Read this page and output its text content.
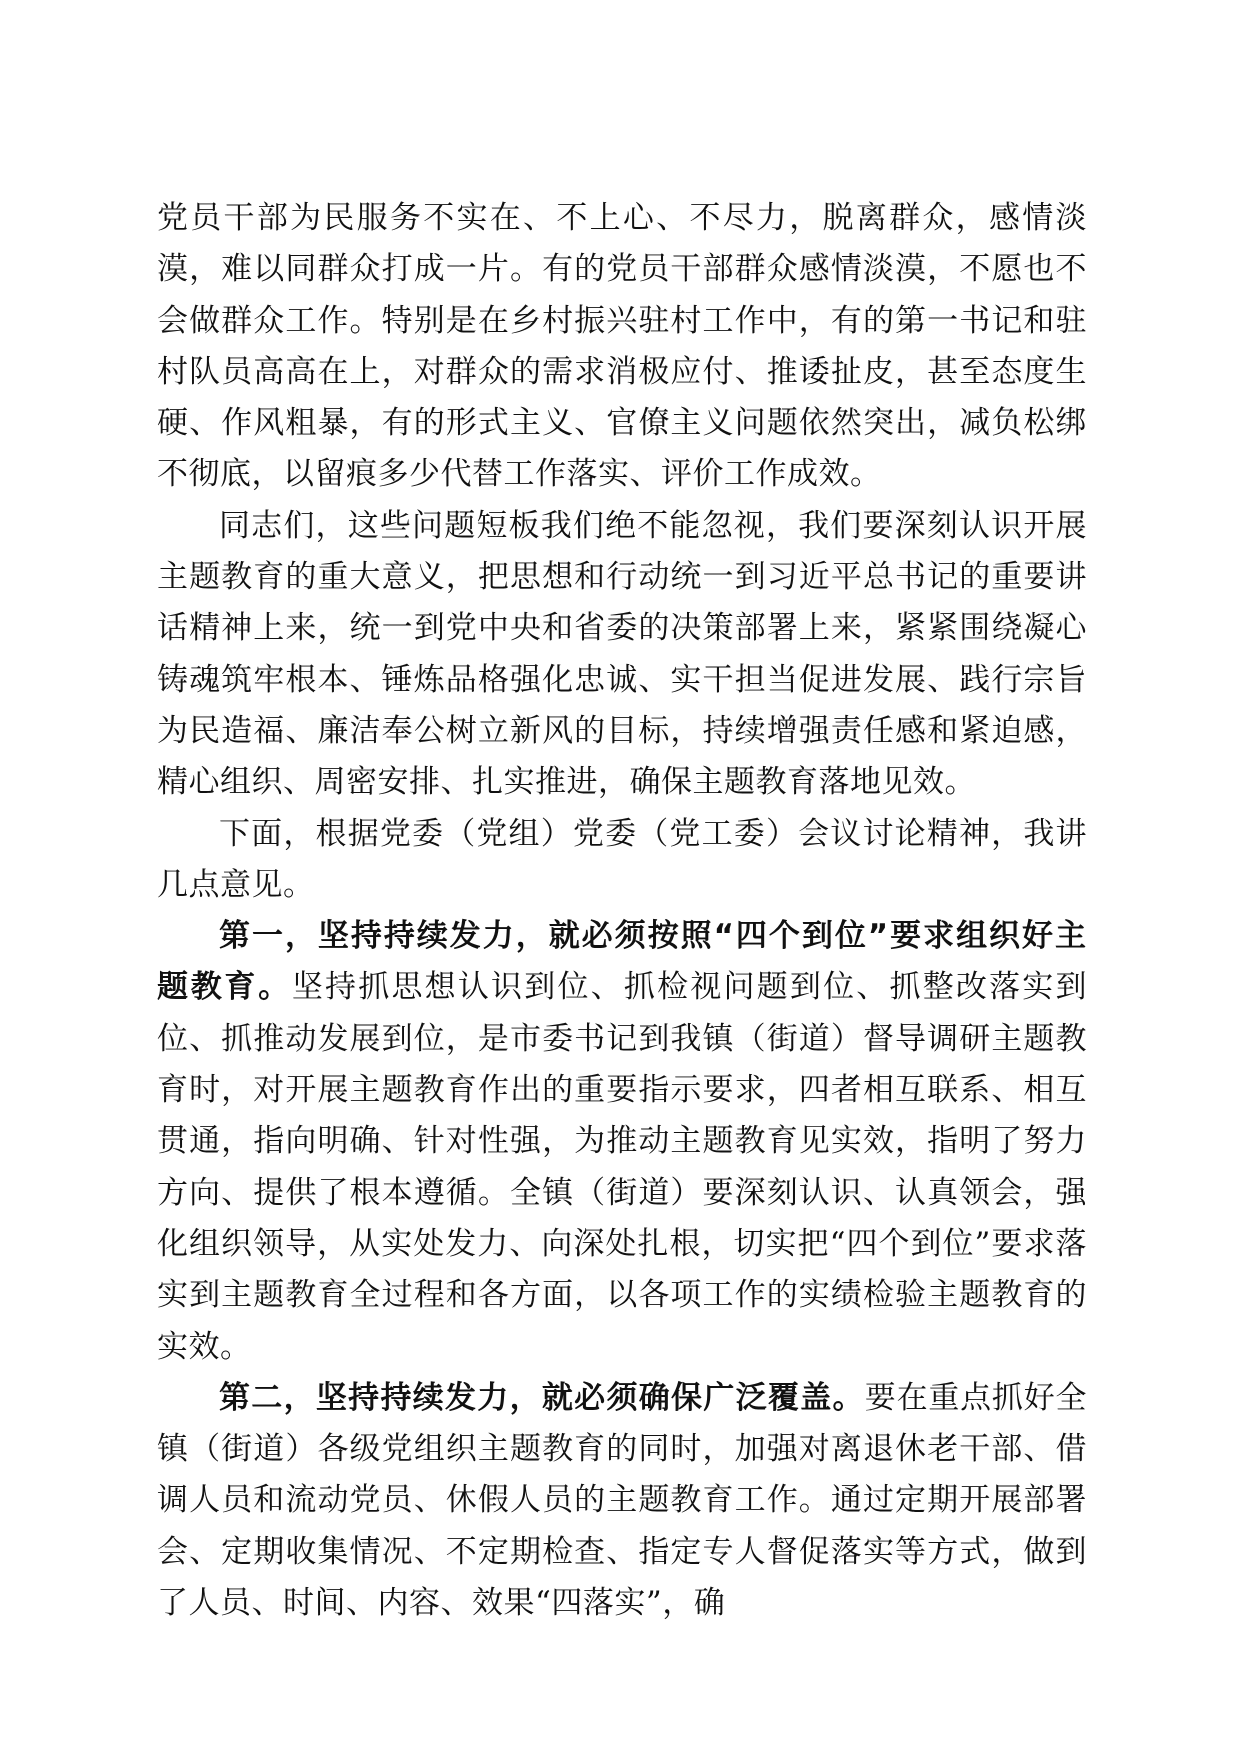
党员干部为民服务不实在、不上心、不尽力，脱离群众，感情淡漠，难以同群众打成一片。有的党员干部群众感情淡漠，不愿也不会做群众工作。特别是在乡村振兴驻村工作中，有的第一书记和驻村队员高高在上，对群众的需求消极应付、推诿扯皮，甚至态度生硬、作风粗暴，有的形式主义、官僚主义问题依然突出，减负松绑不彻底，以留痕多少代替工作落实、评价工作成效。

同志们，这些问题短板我们绝不能忽视，我们要深刻认识开展主题教育的重大意义，把思想和行动统一到习近平总书记的重要讲话精神上来，统一到党中央和省委的决策部署上来，紧紧围绕凝心铸魂筑牢根本、锤炼品格强化忠诚、实干担当促进发展、践行宗旨为民造福、廉洁奉公树立新风的目标，持续增强责任感和紧迫感，精心组织、周密安排、扎实推进，确保主题教育落地见效。

下面，根据党委（党组）党委（党工委）会议讨论精神，我讲几点意见。

第一，坚持持续发力，就必须按照“四个到位”要求组织好主题教育。坚持抓思想认识到位、抓检视问题到位、抓整改落实到位、抓推动发展到位，是市委书记到我镇（街道）督导调研主题教育时，对开展主题教育作出的重要指示要求，四者相互联系、相互贯通，指向明确、针对性强，为推动主题教育见实效，指明了努力方向、提供了根本遵循。全镇（街道）要深刻认识、认真领会，强化组织领导，从实处发力、向深处扎根，切实把“四个到位”要求落实到主题教育全过程和各方面，以各项工作的实绩检验主题教育的实效。

第二，坚持持续发力，就必须确保广泛覆盖。要在重点抓好全镇（街道）各级党组织主题教育的同时，加强对离退休老干部、借调人员和流动党员、休假人员的主题教育工作。通过定期开展部署会、定期收集情况、不定期检查、指定专人督促落实等方式，做到了人员、时间、内容、效果“四落实”，确
